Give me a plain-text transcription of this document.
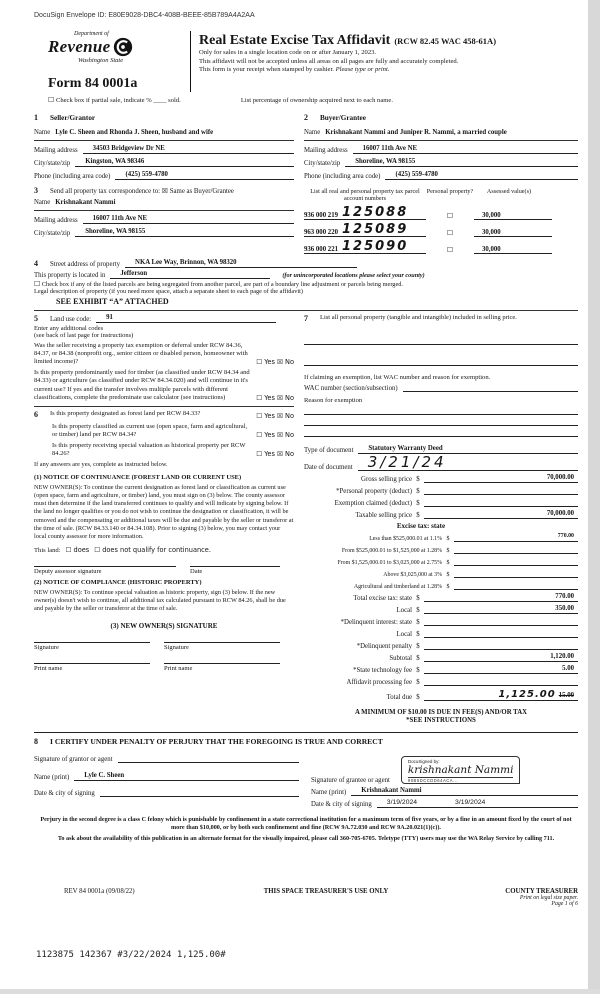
DocuSign Envelope ID: E80E9028-DBC4-408B-BEEE-85B789A4A2AA
Department of
Revenue
Washington State
Form 84 0001a
Real Estate Excise Tax Affidavit (RCW 82.45 WAC 458-61A)
Only for sales in a single location code on or after January 1, 2023.
This affidavit will not be accepted unless all areas on all pages are fully and accurately completed.
This form is your receipt when stamped by cashier. Please type or print.
☐
Check box if partial sale, indicate % ____ sold.	List percentage of ownership acquired next to each name.
1 Seller/Grantor
Name Lyle C. Sheen and Rhonda J. Sheen, husband and wife
Mailing address	34503 Bridgeview Dr NE
City/state/zip	Kingston, WA 98346
Phone (including area code)	(425) 559-4780
2 Buyer/Grantee
Name Krishnakant Nammi and Juniper R. Nammi, a married couple
Mailing address	16007 11th Ave NE
City/state/zip	Shoreline, WA 98155
Phone (including area code)	(425) 559-4780
3 Send all property tax correspondence to: ☒ Same as Buyer/Grantee
Name Krishnakant Nammi
Mailing address	16007 11th Ave NE
City/state/zip	Shoreline, WA 98155
List all real and personal property tax parcel account numbers
Personal property?	Assessed value(s)
936 000 219 125088	☐	30,000
963 000 220 125089	☐	30,000
936 000 221 125090	☐	30,000
4 Street address of property	NKA Lee Way, Brinnon, WA 98320
This property is located in	Jefferson	(for unincorporated locations please select your county)
☐ Check box if any of the listed parcels are being segregated from another parcel, are part of a boundary line adjustment or parcels being merged.
Legal description of property (if you need more space, attach a separate sheet to each page of the affidavit)
SEE EXHIBIT “A” ATTACHED
5 Land use code:	91
Enter any additional codes
(see back of last page for instructions)
Was the seller receiving a property tax exemption or deferral under RCW 84.36, 84.37, or 84.38 (nonprofit org., senior citizen or disabled person, homeowner with limited income)?	☐ Yes ☒ No
Is this property predominantly used for timber (as classified under RCW 84.34 and 84.33) or agriculture (as classified under RCW 84.34.020) and will continue in it's current use? If yes and the transfer involves multiple parcels with different classifications, complete the predominate use calculator (see instructions)	☐ Yes ☒ No
6 Is this property designated as forest land per RCW 84.33?	☐ Yes ☒ No
Is this property classified as current use (open space, farm and agricultural, or timber) land per RCW 84.34?	☐ Yes ☒ No
Is this property receiving special valuation as historical property per RCW 84.26?	☐ Yes ☒ No
If any answers are yes, complete as instructed below.
(1) NOTICE OF CONTINUANCE (FOREST LAND OR CURRENT USE)
NEW OWNER(S): To continue the current designation as forest land or classification as current use (open space, farm and agriculture, or timber) land, you must sign on (3) below. The county assessor must then determine if the land transferred continues to qualify and will indicate by signing below. If the land no longer qualifies or you do not wish to continue the designation or classification, it will be removed and the compensating or additional taxes will be due and payable by the seller or transferor at the time of sale. (RCW 84.33.140 or 84.34.108). Prior to signing (3) below, you may contact your local county assessor for more information.
This land: ☐ does ☐ does not qualify for continuance.
Deputy assessor signature	Date
(2) NOTICE OF COMPLIANCE (HISTORIC PROPERTY)
NEW OWNER(S): To continue special valuation as historic property, sign (3) below. If the new owner(s) doesn't wish to continue, all additional tax calculated pursuant to RCW 84.26, shall be due and payable by the seller or transferor at the time of sale.
(3) NEW OWNER(S) SIGNATURE
Signature	Signature
Print name	Print name
7 List all personal property (tangible and intangible) included in selling price.
If claiming an exemption, list WAC number and reason for exemption.
WAC number (section/subsection)
Reason for exemption
Type of document	Statutory Warranty Deed
Date of document	3/21/24
Gross selling price $	70,000.00
*Personal property (deduct) $
Exemption claimed (deduct) $
Taxable selling price $	70,000.00
Excise tax: state
Less than $525,000.01 at 1.1% $	770.00
From $525,000.01 to $1,525,000 at 1.28% $
From $1,525,000.01 to $3,025,000 at 2.75% $
Above $3,025,000 at 3% $
Agricultural and timberland at 1.28% $
Total excise tax: state $	770.00
Local $	350.00
*Delinquent interest: state $
Local $
*Delinquent penalty $
Subtotal $	1,120.00
*State technology fee $	5.00
Affidavit processing fee $
Total due $	1,125.00 15.00
A MINIMUM OF $10.00 IS DUE IN FEE(S) AND/OR TAX
*SEE INSTRUCTIONS
8 I CERTIFY UNDER PENALTY OF PERJURY THAT THE FOREGOING IS TRUE AND CORRECT
Signature of grantor or agent
Name (print)	Lyle C. Sheen
Date & city of signing
Signature of grantee or agent
DocuSigned by:
krishnakant Nammi
90B5DCCDD64ACA...
Name (print)	Krishnakant Nammi
Date & city of signing	3/19/2024	3/19/2024
Perjury in the second degree is a class C felony which is punishable by confinement in a state correctional institution for a maximum term of five years, or by a fine in an amount fixed by the court of not more than $10,000, or by both such confinement and fine (RCW 9A.72.030 and RCW 9A.20.021(1)(c)).
To ask about the availability of this publication in an alternate format for the visually impaired, please call 360-705-6705. Teletype (TTY) users may use the WA Relay Service by calling 711.
REV 84 0001a (09/08/22)	THIS SPACE TREASURER'S USE ONLY	COUNTY TREASURER
Print on legal size paper.
Page 1 of 6
1123875 142367 #3/22/2024 1,125.00#
